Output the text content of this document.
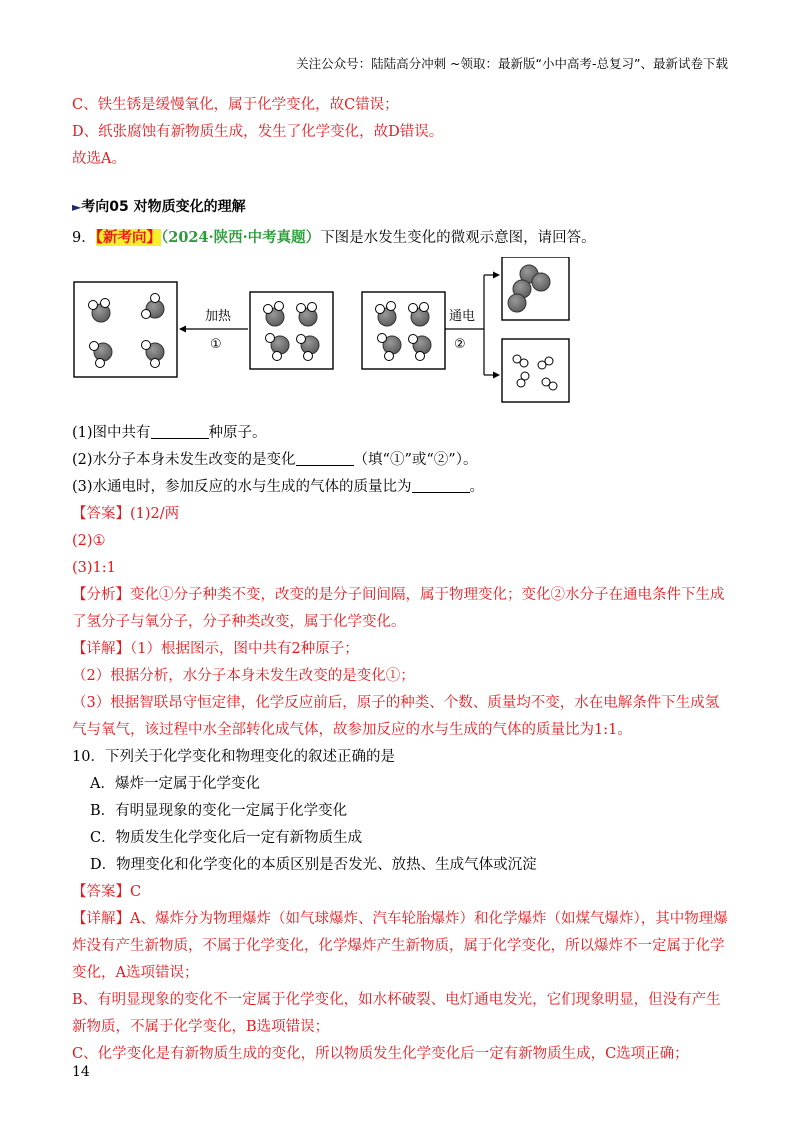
关注公众号：陆陆高分冲刺 ~领取：最新版“小中高考-总复习”、最新试卷下载
C、铁生锈是缓慢氧化，属于化学变化，故C错误；
D、纸张腐蚀有新物质生成，发生了化学变化，故D错误。
故选A。
►考向05 对物质变化的理解
9．【新考向】（2024·陕西·中考真题）下图是水发生变化的微观示意图，请回答。
加热
①
通电
②
(1)图中共有	种原子。
(2)水分子本身未发生改变的是变化	（填“①”或“②”）。
(3)水通电时，参加反应的水与生成的气体的质量比为	。
【答案】(1)2/两
(2)①
(3)1:1
【分析】变化①分子种类不变，改变的是分子间间隔，属于物理变化；变化②水分子在通电条件下生成了氢分子与氧分子，分子种类改变，属于化学变化。
【详解】（1）根据图示，图中共有2种原子；
（2）根据分析，水分子本身未发生改变的是变化①；
（3）根据智联昂守恒定律，化学反应前后，原子的种类、个数、质量均不变，水在电解条件下生成氢气与氧气，该过程中水全部转化成气体，故参加反应的水与生成的气体的质量比为1:1。
10．下列关于化学变化和物理变化的叙述正确的是
A．爆炸一定属于化学变化
B．有明显现象的变化一定属于化学变化
C．物质发生化学变化后一定有新物质生成
D．物理变化和化学变化的本质区别是否发光、放热、生成气体或沉淀
【答案】C
【详解】A、爆炸分为物理爆炸（如气球爆炸、汽车轮胎爆炸）和化学爆炸（如煤气爆炸），其中物理爆炸没有产生新物质，不属于化学变化，化学爆炸产生新物质，属于化学变化，所以爆炸不一定属于化学变化，A选项错误；
B、有明显现象的变化不一定属于化学变化，如水杯破裂、电灯通电发光，它们现象明显，但没有产生新物质，不属于化学变化，B选项错误；
C、化学变化是有新物质生成的变化，所以物质发生化学变化后一定有新物质生成，C选项正确；
14
